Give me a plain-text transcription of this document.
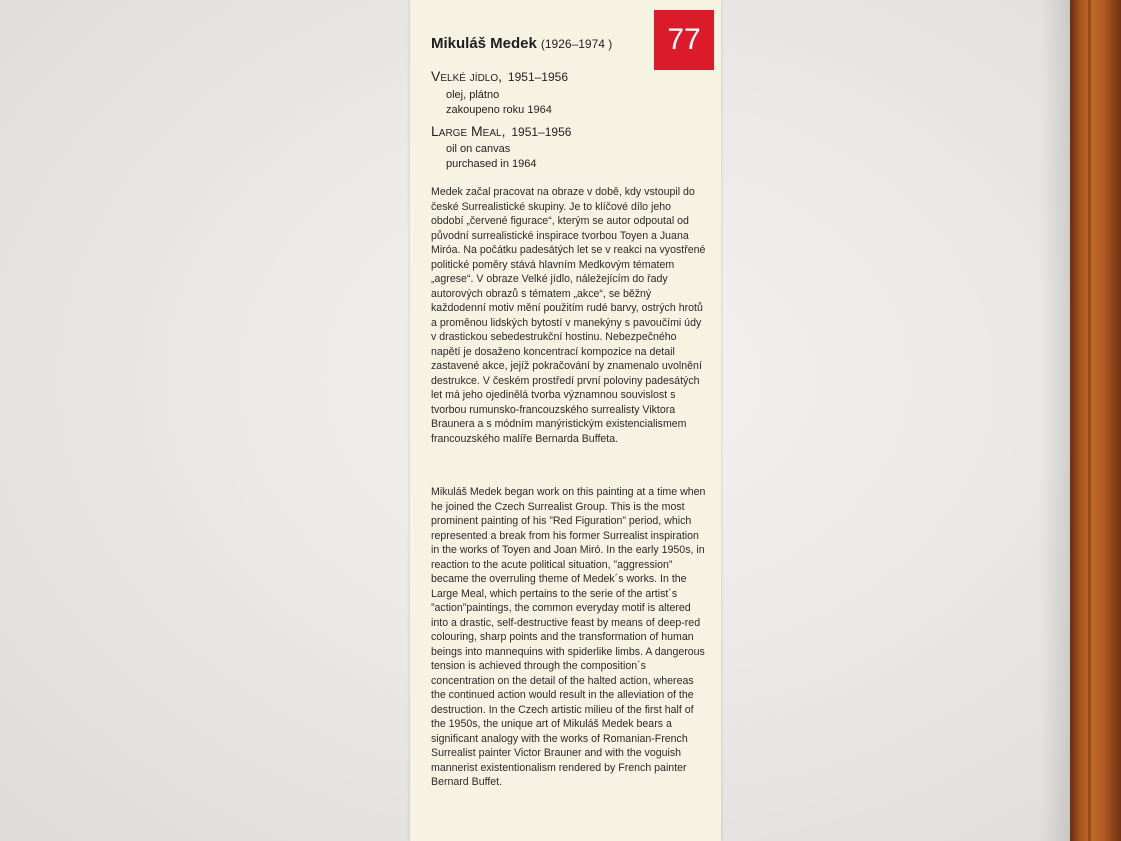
77
Mikuláš Medek (1926–1974 )
Velké jídlo, 1951–1956
olej, plátno
zakoupeno roku 1964
Large Meal, 1951–1956
oil on canvas
purchased in 1964
Medek začal pracovat na obraze v době, kdy vstoupil do české Surrealistické skupiny. Je to klíčové dílo jeho období „červené figurace“, kterým se autor odpoutal od původní surrealistické inspirace tvorbou Toyen a Juana Miróa. Na počátku padesátých let se v reakci na vyostřené politické poměry stává hlavním Medkovým tématem „agrese“. V obraze Velké jídlo, náležejícím do řady autorových obrazů s tématem „akce“, se běžný každodenní motiv mění použitím rudé barvy, ostrých hrotů a proměnou lidských bytostí v manekýny s pavoučími údy v drastickou sebedestrukční hostinu. Nebezpečného napětí je dosaženo koncentrací kompozice na detail zastavené akce, jejíž pokračování by znamenalo uvolnění destrukce. V českém prostředí první poloviny padesátých let má jeho ojedinělá tvorba významnou souvislost s tvorbou rumunsko-francouzského surrealisty Viktora Braunera a s módním manýristickým existencialismem francouzského malíře Bernarda Buffeta.
Mikuláš Medek began work on this painting at a time when he joined the Czech Surrealist Group. This is the most prominent painting of his ”Red Figuration” period, which represented a break from his former Surrealist inspiration in the works of Toyen and Joan Miró. In the early 1950s, in reaction to the acute political situation, ”aggression” became the overruling theme of Medek´s works. In the Large Meal, which pertains to the serie of the artist´s ”action”paintings, the common everyday motif is altered into a drastic, self-destructive feast by means of deep-red colouring, sharp points and the transformation of human beings into mannequins with spiderlike limbs. A dangerous tension is achieved through the composition´s concentration on the detail of the halted action, whereas the continued action would result in the alleviation of the destruction. In the Czech artistic milieu of the first half of the 1950s, the unique art of Mikuláš Medek bears a significant analogy with the works of Romanian-French Surrealist painter Victor Brauner and with the voguish mannerist existentionalism rendered by French painter Bernard Buffet.
